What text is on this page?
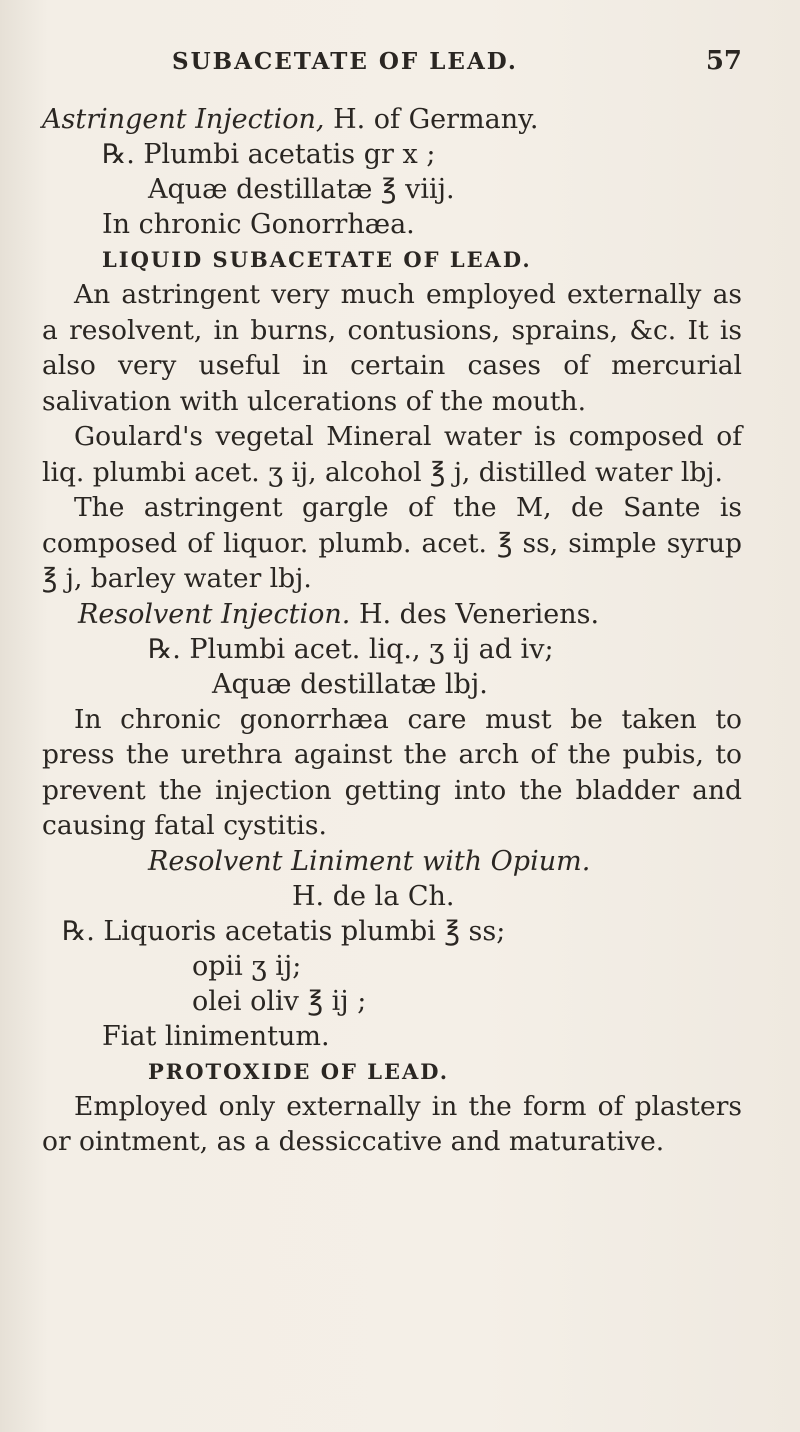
SUBACETATE OF LEAD.	57
Astringent Injection, H. of Germany.
℞. Plumbi acetatis gr x ;
Aquæ destillatæ ℥ viij.
In chronic Gonorrhæa.
LIQUID SUBACETATE OF LEAD.

An astringent very much employed externally as a resolvent, in burns, contusions, sprains, &c. It is also very useful in certain cases of mercurial salivation with ulcerations of the mouth.

Goulard's vegetal Mineral water is composed of liq. plumbi acet. ʒ ij, alcohol ℥ j, distilled water lbj.

The astringent gargle of the M, de Sante is composed of liquor. plumb. acet. ℥ ss, simple syrup ℥ j, barley water lbj.

Resolvent Injection. H. des Veneriens.
℞. Plumbi acet. liq., ʒ ij ad iv;
Aquæ destillatæ lbj.

In chronic gonorrhæa care must be taken to press the urethra against the arch of the pubis, to prevent the injection getting into the bladder and causing fatal cystitis.

Resolvent Liniment with Opium.
H. de la Ch.
℞. Liquoris acetatis plumbi ℥ ss;
opii ʒ ij;
olei oliv ℥ ij ;
Fiat linimentum.
PROTOXIDE OF LEAD.

Employed only externally in the form of plasters or ointment, as a dessiccative and maturative.
